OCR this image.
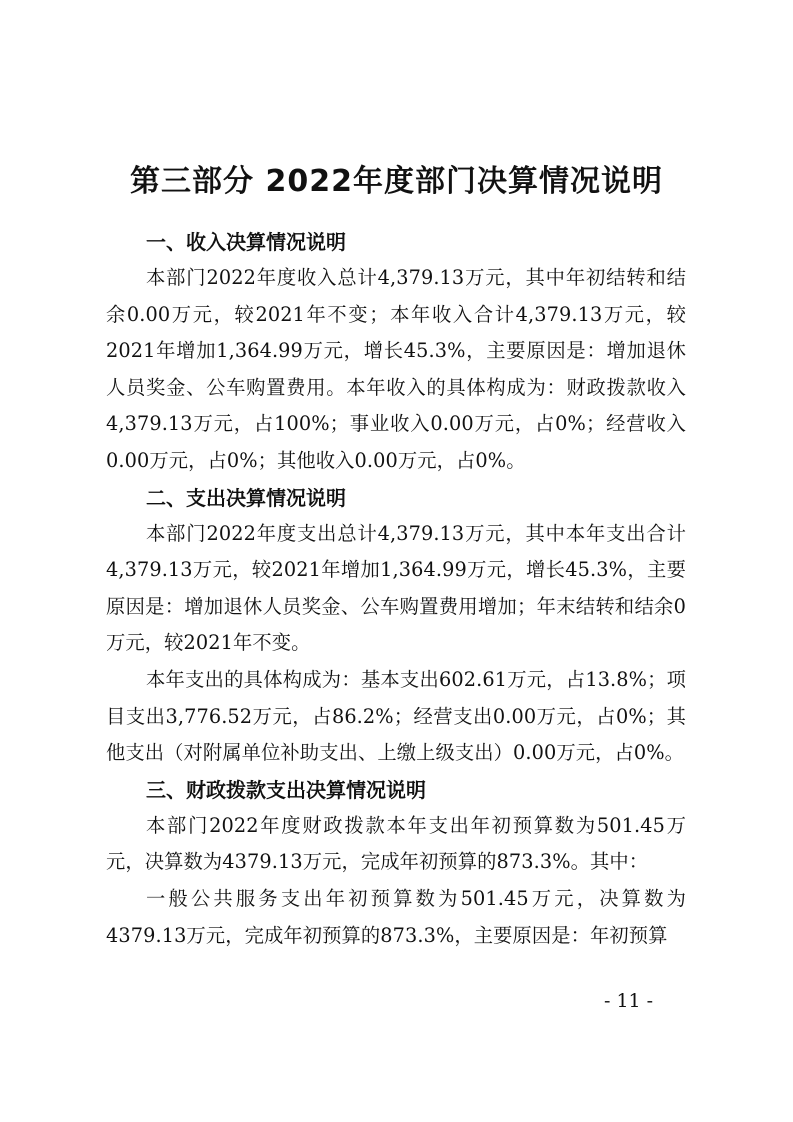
第三部分 2022年度部门决算情况说明
一、收入决算情况说明

本部门2022年度收入总计4,379.13万元，其中年初结转和结余0.00万元，较2021年不变；本年收入合计4,379.13万元，较2021年增加1,364.99万元，增长45.3%，主要原因是：增加退休人员奖金、公车购置费用。本年收入的具体构成为：财政拨款收入4,379.13万元，占100%；事业收入0.00万元，占0%；经营收入0.00万元，占0%；其他收入0.00万元，占0%。

二、支出决算情况说明

本部门2022年度支出总计4,379.13万元，其中本年支出合计4,379.13万元，较2021年增加1,364.99万元，增长45.3%，主要原因是：增加退休人员奖金、公车购置费用增加；年末结转和结余0万元，较2021年不变。

本年支出的具体构成为：基本支出602.61万元，占13.8%；项目支出3,776.52万元，占86.2%；经营支出0.00万元，占0%；其他支出（对附属单位补助支出、上缴上级支出）0.00万元，占0%。

三、财政拨款支出决算情况说明

本部门2022年度财政拨款本年支出年初预算数为501.45万元，决算数为4379.13万元，完成年初预算的873.3%。其中：

一般公共服务支出年初预算数为501.45万元，决算数为4379.13万元，完成年初预算的873.3%，主要原因是：年初预算

- 11 -
